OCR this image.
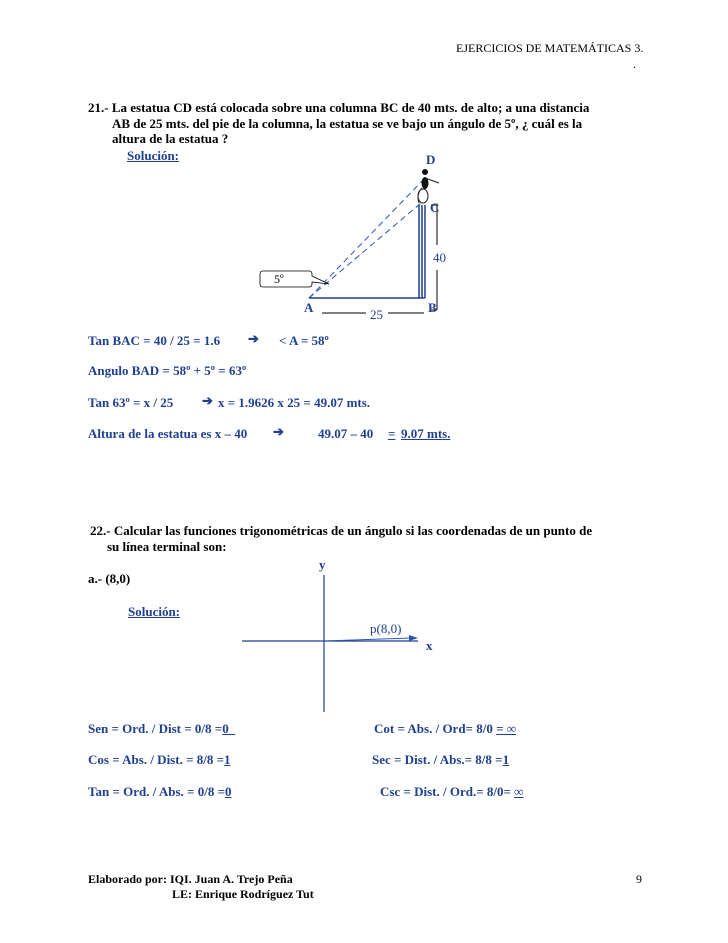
EJERCICIOS DE MATEMÁTICAS 3.
.
21.- La estatua CD está colocada sobre una columna BC de 40 mts. de alto; a una distancia
AB de 25 mts. del pie de la columna, la estatua se ve bajo un ángulo de 5º, ¿ cuál es la
altura de la estatua ?
Solución:	D
C
40
5º
A	B
25
Tan BAC = 40 / 25 = 1.6 ➔ < A = 58º
Angulo BAD = 58º + 5º = 63º
Tan 63º = x / 25 ➔ x = 1.9626 x 25 = 49.07 mts.
Altura de la estatua es x – 40 ➔	49.07 – 40 = 9.07 mts.
22.- Calcular las funciones trigonométricas de un ángulo si las coordenadas de un punto de
su línea terminal son:
y
a.- (8,0)
Solución:
p(8,0)
x
Sen = Ord. / Dist = 0/8 =0	Cot = Abs. / Ord= 8/0 = ∞
Cos = Abs. / Dist. = 8/8 =1	Sec = Dist. / Abs.= 8/8 =1
Tan = Ord. / Abs. = 0/8 =0	Csc = Dist. / Ord.= 8/0= ∞
Elaborado por: IQI. Juan A. Trejo Peña
LE: Enrique Rodríguez Tut
9
